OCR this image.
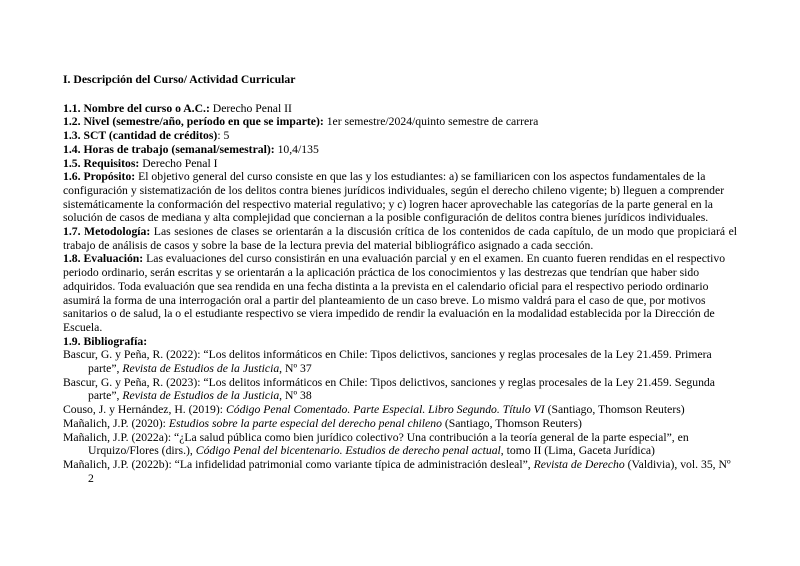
I. Descripción del Curso/ Actividad Curricular

1.1. Nombre del curso o A.C.: Derecho Penal II

1.2. Nivel (semestre/año, período en que se imparte): 1er semestre/2024/quinto semestre de carrera

1.3. SCT (cantidad de créditos): 5

1.4. Horas de trabajo (semanal/semestral): 10,4/135

1.5. Requisitos: Derecho Penal I

1.6. Propósito: El objetivo general del curso consiste en que las y los estudiantes: a) se familiaricen con los aspectos fundamentales de la configuración y sistematización de los delitos contra bienes jurídicos individuales, según el derecho chileno vigente; b) lleguen a comprender sistemáticamente la conformación del respectivo material regulativo; y c) logren hacer aprovechable las categorías de la parte general en la solución de casos de mediana y alta complejidad que conciernan a la posible configuración de delitos contra bienes jurídicos individuales.

1.7. Metodología: Las sesiones de clases se orientarán a la discusión crítica de los contenidos de cada capítulo, de un modo que propiciará el trabajo de análisis de casos y sobre la base de la lectura previa del material bibliográfico asignado a cada sección.

1.8. Evaluación: Las evaluaciones del curso consistirán en una evaluación parcial y en el examen. En cuanto fueren rendidas en el respectivo periodo ordinario, serán escritas y se orientarán a la aplicación práctica de los conocimientos y las destrezas que tendrían que haber sido adquiridos. Toda evaluación que sea rendida en una fecha distinta a la prevista en el calendario oficial para el respectivo periodo ordinario asumirá la forma de una interrogación oral a partir del planteamiento de un caso breve. Lo mismo valdrá para el caso de que, por motivos sanitarios o de salud, la o el estudiante respectivo se viera impedido de rendir la evaluación en la modalidad establecida por la Dirección de Escuela.

1.9. Bibliografía:

Bascur, G. y Peña, R. (2022): “Los delitos informáticos en Chile: Tipos delictivos, sanciones y reglas procesales de la Ley 21.459. Primera parte”, Revista de Estudios de la Justicia, Nº 37

Bascur, G. y Peña, R. (2023): “Los delitos informáticos en Chile: Tipos delictivos, sanciones y reglas procesales de la Ley 21.459. Segunda parte”, Revista de Estudios de la Justicia, Nº 38

Couso, J. y Hernández, H. (2019): Código Penal Comentado. Parte Especial. Libro Segundo. Título VI (Santiago, Thomson Reuters)

Mañalich, J.P. (2020): Estudios sobre la parte especial del derecho penal chileno (Santiago, Thomson Reuters)

Mañalich, J.P. (2022a): “¿La salud pública como bien jurídico colectivo? Una contribución a la teoría general de la parte especial”, en Urquizo/Flores (dirs.), Código Penal del bicentenario. Estudios de derecho penal actual, tomo II (Lima, Gaceta Jurídica)

Mañalich, J.P. (2022b): “La infidelidad patrimonial como variante típica de administración desleal”, Revista de Derecho (Valdivia), vol. 35, Nº 2
